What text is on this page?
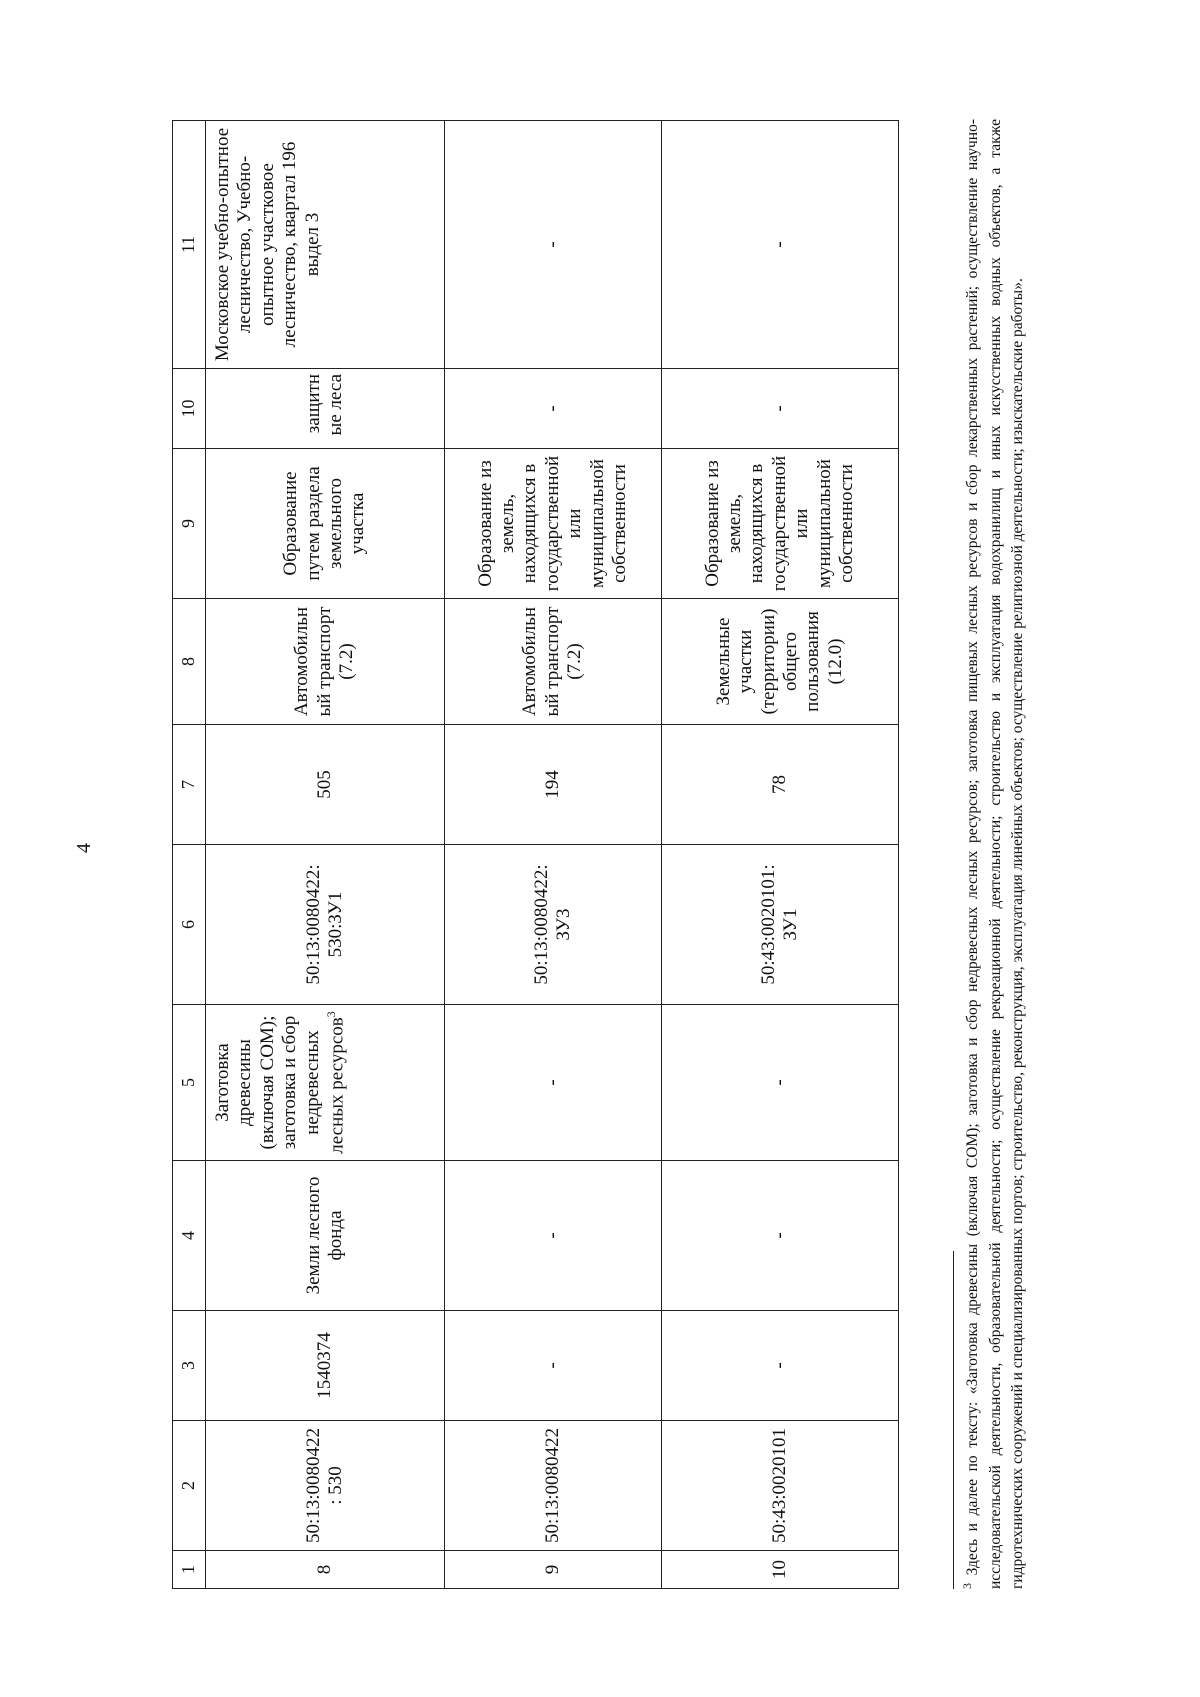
4
1	2	3	4	5	6	7	8	9	10	11
8	50:13:0080422: 530	1540374	Земли лесного фонда	Заготовка древесины (включая СОМ); заготовка и сбор недревесных лесных ресурсов$^3$	50:13:0080422: 530:ЗУ1	505	Автомобильный транспорт (7.2)	Образование путем раздела земельного участка	защитные леса	Московское учебно-опытное лесничество, Учебно-опытное участковое лесничество, квартал 196 выдел 3
9	50:13:0080422	-	-	-	50:13:0080422: ЗУ3	194	Автомобильный транспорт (7.2)	Образование из земель, находящихся в государственной или муниципальной собственности	-	-
10	50:43:0020101	-	-	-	50:43:0020101: ЗУ1	78	Земельные участки (территории) общего пользования (12.0)	Образование из земель, находящихся в государственной или муниципальной собственности	-	-
$^3$ Здесь и далее по тексту: «Заготовка древесины (включая СОМ); заготовка и сбор недревесных лесных ресурсов; заготовка пищевых лесных ресурсов и сбор лекарственных растений; осуществление научно-исследовательской деятельности, образовательной деятельности; осуществление рекреационной деятельности; строительство и эксплуатация водохранилищ и иных искусственных водных объектов, а также гидротехнических сооружений и специализированных портов; строительство, реконструкция, эксплуатация линейных объектов; осуществление религиозной деятельности; изыскательские работы».
